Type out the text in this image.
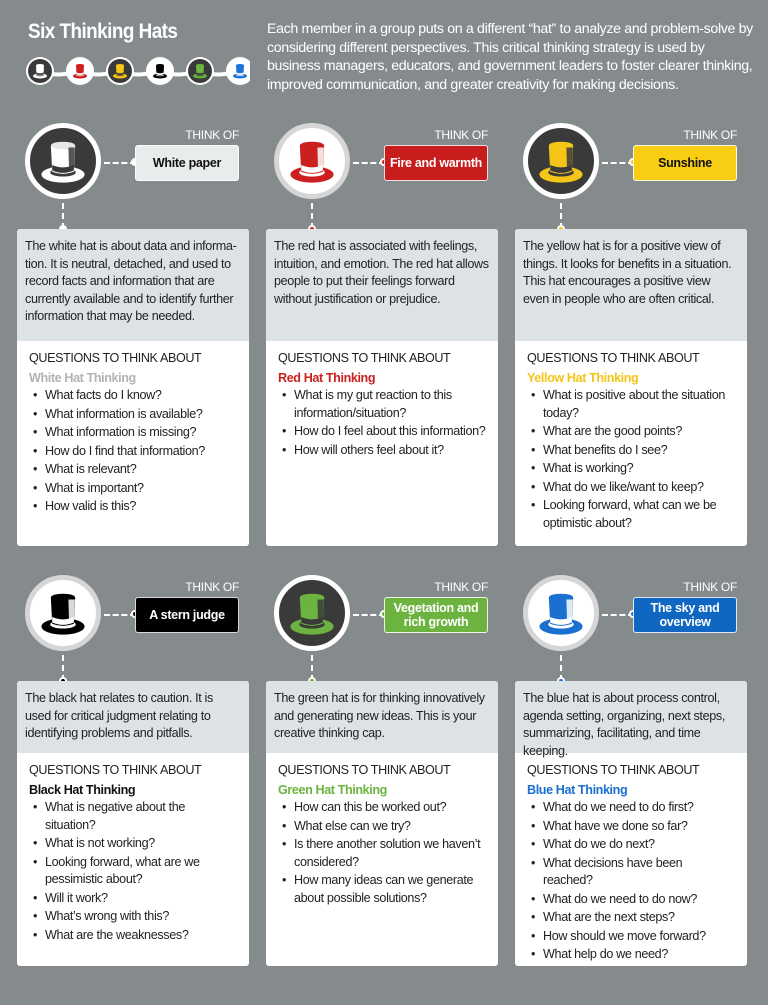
Six Thinking Hats	Each member in a group puts on a different “hat” to analyze and problem-solve by considering different perspectives. This critical thinking strategy is used by business managers, educators, and government leaders to foster clearer thinking, improved communication, and greater creativity for making decisions.
THINK OF
White paper
The white hat is about data and informa-tion. It is neutral, detached, and used to record facts and information that are currently available and to identify further information that may be needed.
QUESTIONS TO THINK ABOUT
White Hat Thinking
• What facts do I know?
• What information is available?
• What information is missing?
• How do I find that information?
• What is relevant?
• What is important?
• How valid is this?
THINK OF
Fire and warmth
The red hat is associated with feelings, intuition, and emotion. The red hat allows people to put their feelings forward without justification or prejudice.
QUESTIONS TO THINK ABOUT
Red Hat Thinking
• What is my gut reaction to this information/situation?
• How do I feel about this information?
• How will others feel about it?
THINK OF
Sunshine
The yellow hat is for a positive view of things. It looks for benefits in a situation. This hat encourages a positive view even in people who are often critical.
QUESTIONS TO THINK ABOUT
Yellow Hat Thinking
• What is positive about the situation today?
• What are the good points?
• What benefits do I see?
• What is working?
• What do we like/want to keep?
• Looking forward, what can we be optimistic about?
THINK OF
A stern judge
The black hat relates to caution. It is used for critical judgment relating to identifying problems and pitfalls.
QUESTIONS TO THINK ABOUT
Black Hat Thinking
• What is negative about the situation?
• What is not working?
• Looking forward, what are we pessimistic about?
• Will it work?
• What’s wrong with this?
• What are the weaknesses?
THINK OF
Vegetation and rich growth
The green hat is for thinking innovatively and generating new ideas. This is your creative thinking cap.
QUESTIONS TO THINK ABOUT
Green Hat Thinking
• How can this be worked out?
• What else can we try?
• Is there another solution we haven’t considered?
• How many ideas can we generate about possible solutions?
THINK OF
The sky and overview
The blue hat is about process control, agenda setting, organizing, next steps, summarizing, facilitating, and time keeping.
QUESTIONS TO THINK ABOUT
Blue Hat Thinking
• What do we need to do first?
• What have we done so far?
• What do we do next?
• What decisions have been reached?
• What do we need to do now?
• What are the next steps?
• How should we move forward?
• What help do we need?
